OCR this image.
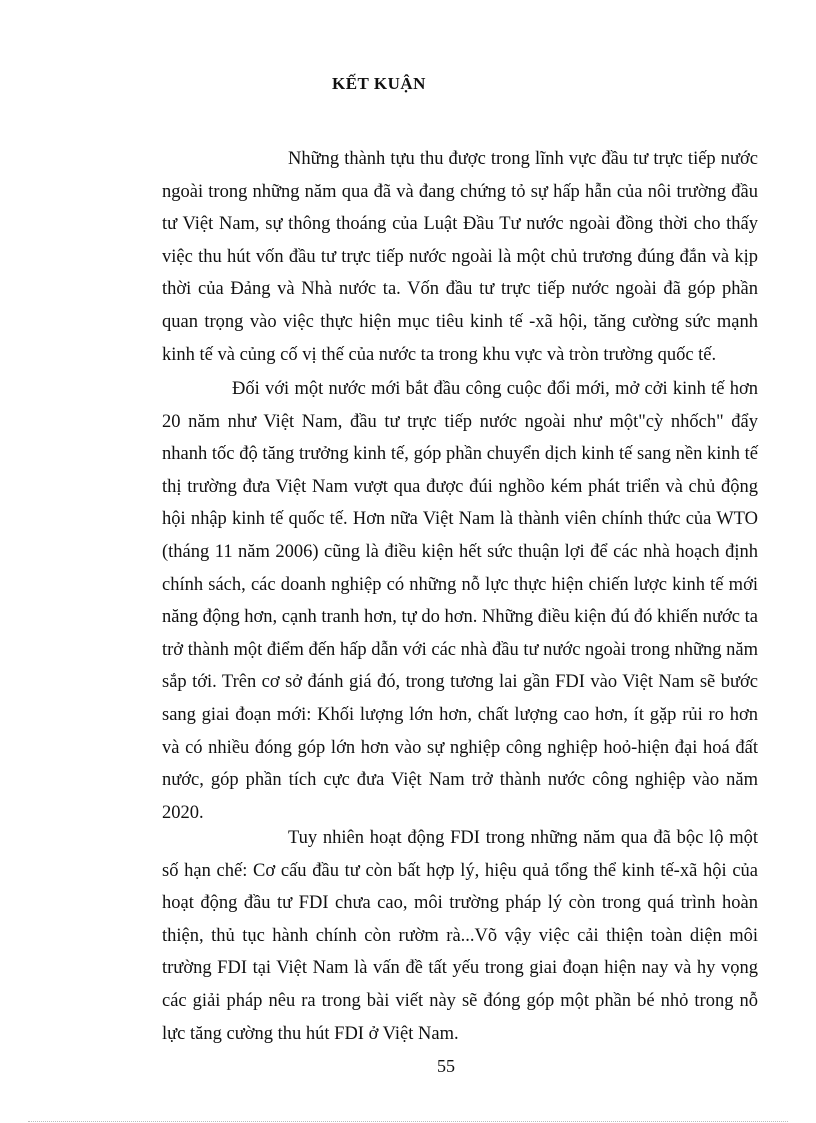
KẾT KUẬN

Những thành tựu thu được trong lĩnh vực đầu tư trực tiếp nước ngoài trong những năm qua đã và đang chứng tỏ sự hấp hẫn của nôi trường đầu tư Việt Nam, sự thông thoáng của Luật Đầu Tư nước ngoài đồng thời cho thấy việc thu hút vốn đầu tư trực tiếp nước ngoài là một chủ trương đúng đắn và kịp thời của Đảng và Nhà nước ta. Vốn đầu tư trực tiếp nước ngoài đã góp phần quan trọng vào việc thực hiện mục tiêu kinh tế -xã hội, tăng cường sức mạnh kinh tế và củng cố vị thế của nước ta trong khu vực và tròn trường quốc tế.

Đối với một nước mới bắt đầu công cuộc đổi mới, mở cởi kinh tế hơn 20 năm như Việt Nam, đầu tư trực tiếp nước ngoài như một"cỳ nhốch" đẩy nhanh tốc độ tăng trưởng kinh tế, góp phần chuyển dịch kinh tế sang nền kinh tế thị trường đưa Việt Nam vượt qua được đúi nghồo kém phát triển và chủ động hội nhập kinh tế quốc tế. Hơn nữa Việt Nam là thành viên chính thức của WTO (tháng 11 năm 2006) cũng là điều kiện hết sức thuận lợi để các nhà hoạch định chính sách, các doanh nghiệp có những nỗ lực thực hiện chiến lược kinh tế mới năng động hơn, cạnh tranh hơn, tự do hơn. Những điều kiện đú đó khiến nước ta trở thành một điểm đến hấp dẫn với các nhà đầu tư nước ngoài trong những năm sắp tới. Trên cơ sở đánh giá đó, trong tương lai gần FDI vào Việt Nam sẽ bước sang giai đoạn mới: Khối lượng lớn hơn, chất lượng cao hơn, ít gặp rủi ro hơn và có nhiều đóng góp lớn hơn vào sự nghiệp công nghiệp hoỏ-hiện đại hoá đất nước, góp phần tích cực đưa Việt Nam trở thành nước công nghiệp vào năm 2020.

Tuy nhiên hoạt động FDI trong những năm qua đã bộc lộ một số hạn chế: Cơ cấu đầu tư còn bất hợp lý, hiệu quả tổng thể kinh tế-xã hội của hoạt động đầu tư FDI chưa cao, môi trường pháp lý còn trong quá trình hoàn thiện, thủ tục hành chính còn rườm rà...Võ vậy việc cải thiện toàn diện môi trường FDI tại Việt Nam là vấn đề tất yếu trong giai đoạn hiện nay và hy vọng các giải pháp nêu ra trong bài viết này sẽ đóng góp một phần bé nhỏ trong nỗ lực tăng cường thu hút FDI ở Việt Nam.

55
